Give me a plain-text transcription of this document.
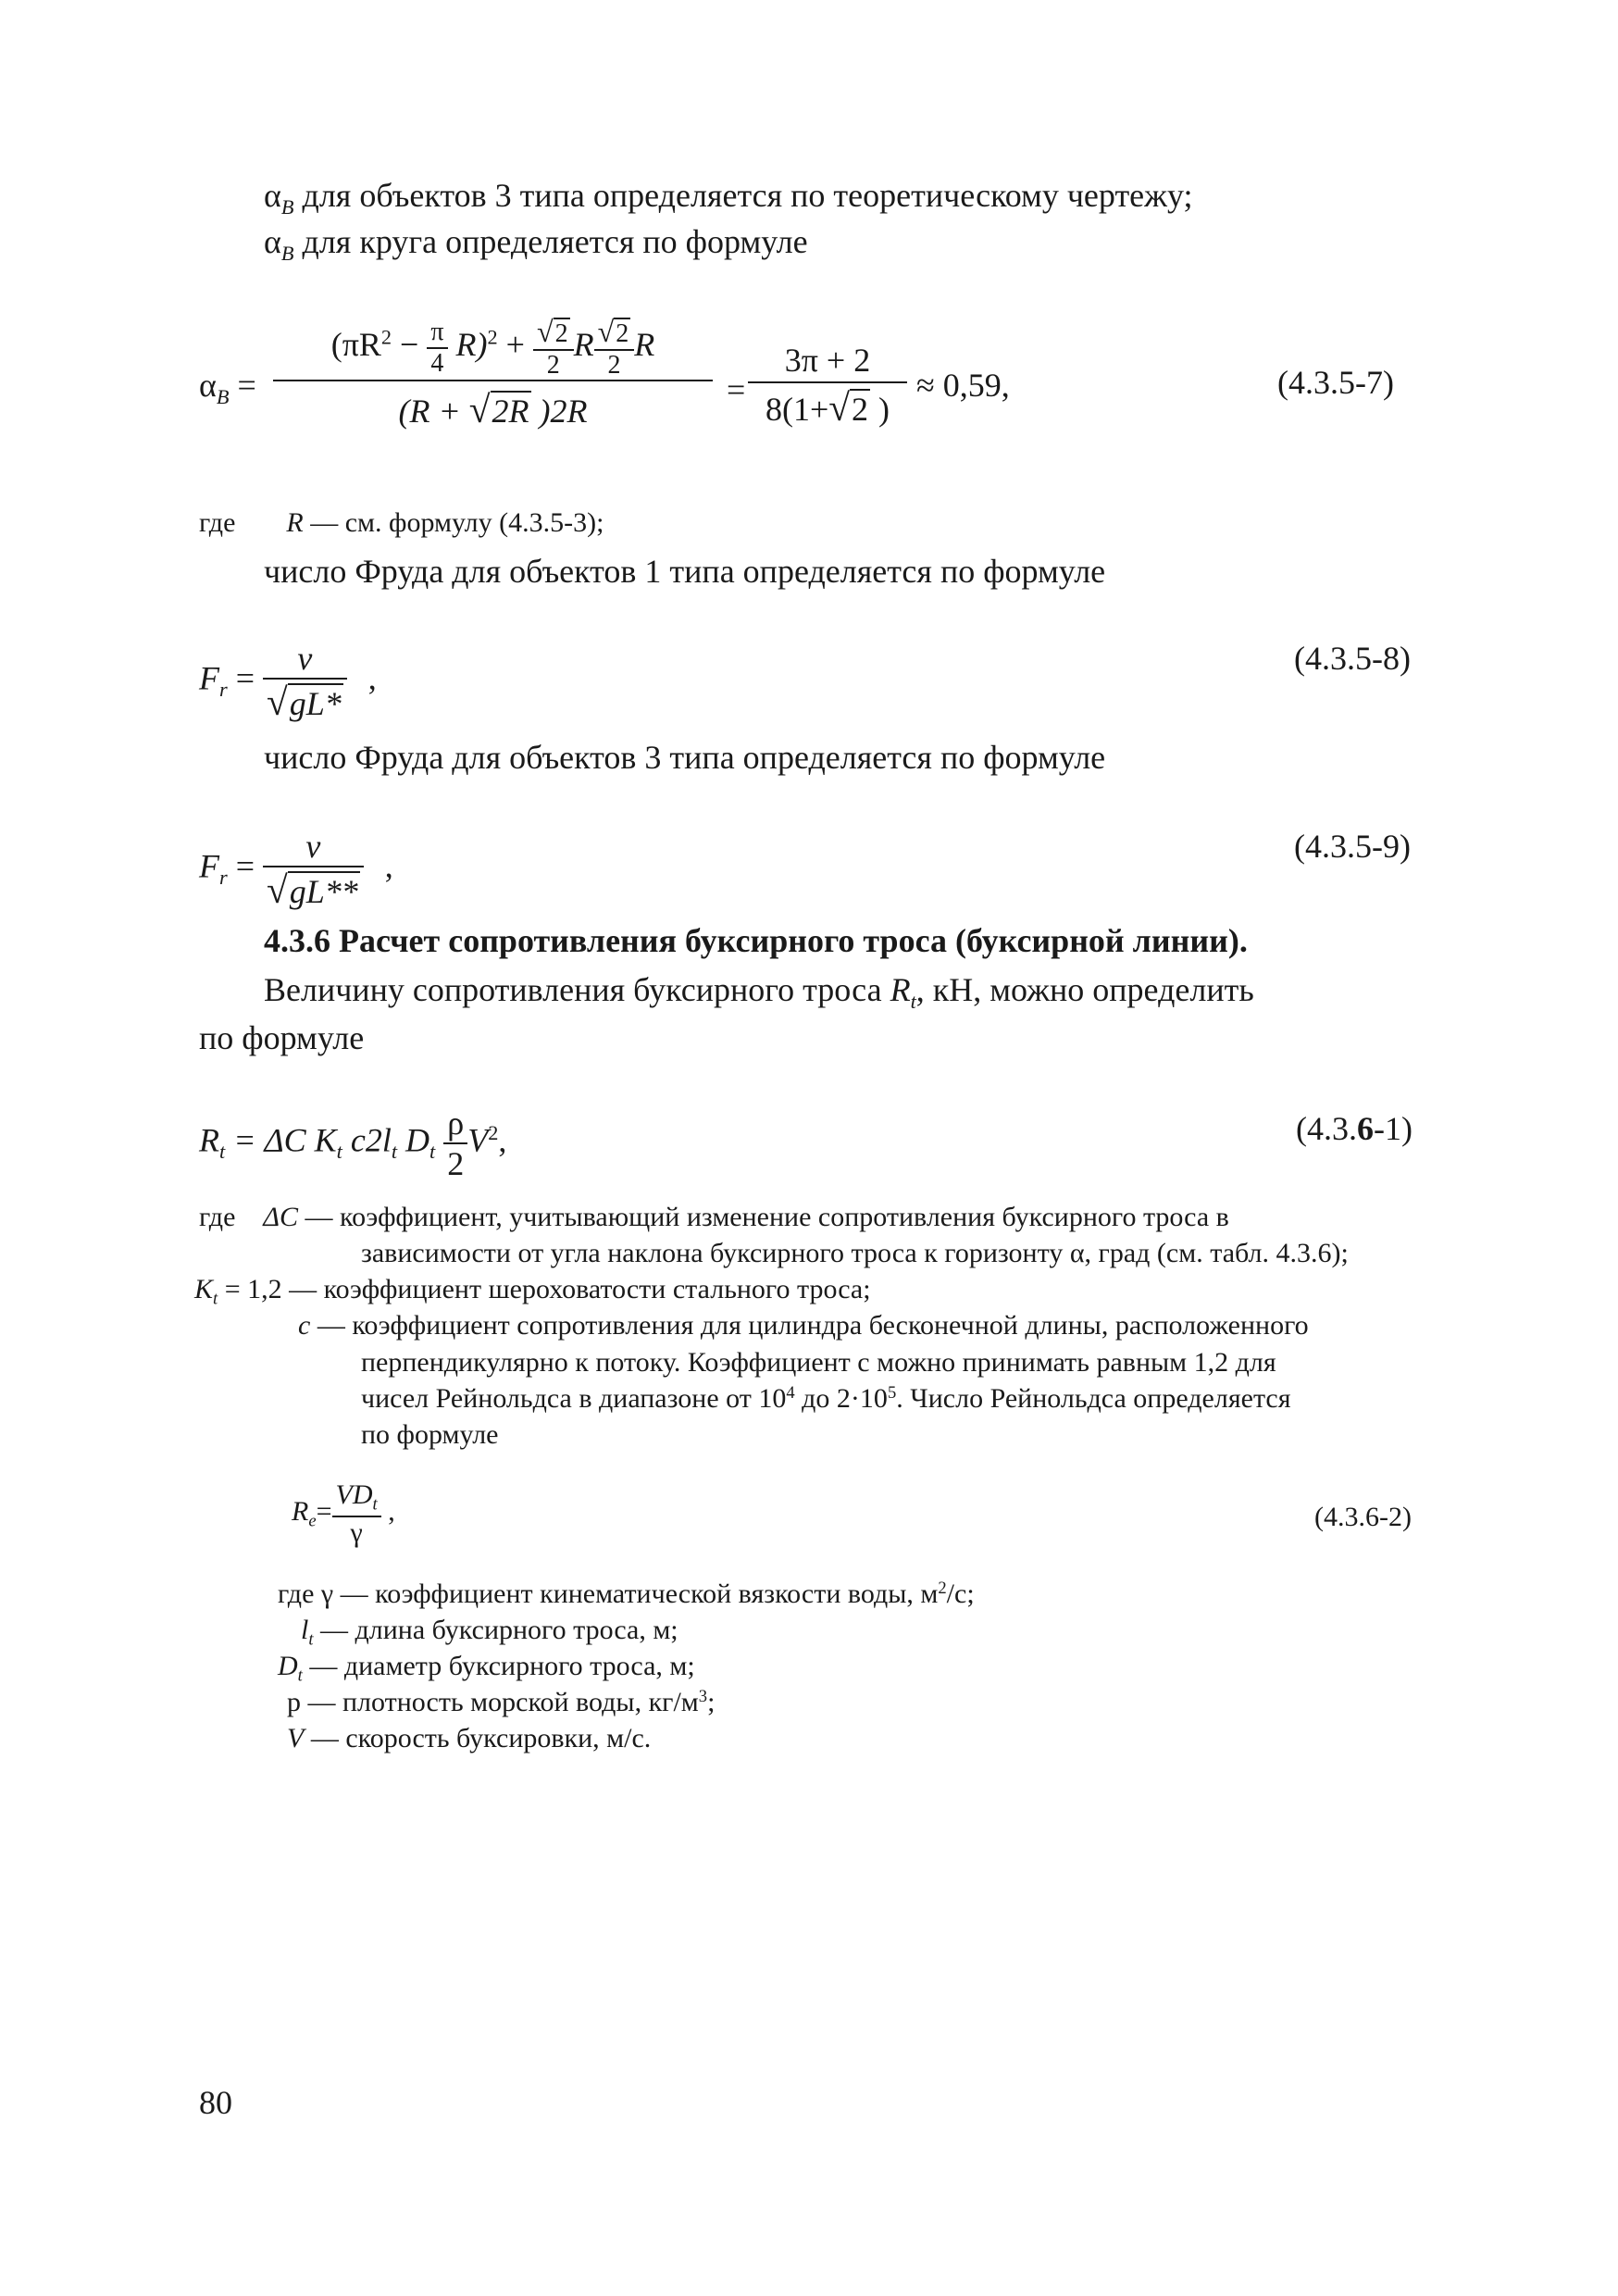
$\alpha_B$ для объектов 3 типа определяется по теоретическому чертежу;
$\alpha_B$ для круга определяется по формуле
$\alpha_B$ =
$(\pi R^2 - \frac{\pi}{4} R)^2 + \frac{√2}{2}$ R $\frac{√2}{2}$ R
(R + √2R )2R
=
3π + 2
8(1+√2 )
≈ 0,59,	(4.3.5-7)
где R — см. формулу (4.3.5-3);
число Фруда для объектов 1 типа определяется по формуле
$F_r = \frac{v}{√gL*}$ ,
(4.3.5-8)
число Фруда для объектов 3 типа определяется по формуле
$F_r = \frac{v}{√gL**}$ ,
(4.3.5-9)
4.3.6 Расчет сопротивления буксирного троса (буксирной линии).
Величину сопротивления буксирного троса $R_t$, кН, можно определить
по формуле
$R_t = \Delta C$ $K_t$ $c2l_t$ $D_t \frac{\rho}{2} V^2$,	(4.3.6-1)
где ΔC — коэффициент, учитывающий изменение сопротивления буксирного троса в
зависимости от угла наклона буксирного троса к горизонту α, град (см. табл. 4.3.6);
$K_t = 1,2$ — коэффициент шероховатости стального троса;
c — коэффициент сопротивления для цилиндра бесконечной длины, расположенного
перпендикулярно к потоку. Коэффициент с можно принимать равным 1,2 для
чисел Рейнольдса в диапазоне от $10^4$ до $2\cdot 10^5$. Число Рейнольдса определяется
по формуле
$R_e= \frac{VD_t}{\gamma}$ ,	(4.3.6-2)
где γ — коэффициент кинематической вязкости воды, $м^2/с$;
$l_t$ — длина буксирного троса, м;
$D_t$ — диаметр буксирного троса, м;
p — плотность морской воды, $кг/м^3$;
V — скорость буксировки, м/с.
80
